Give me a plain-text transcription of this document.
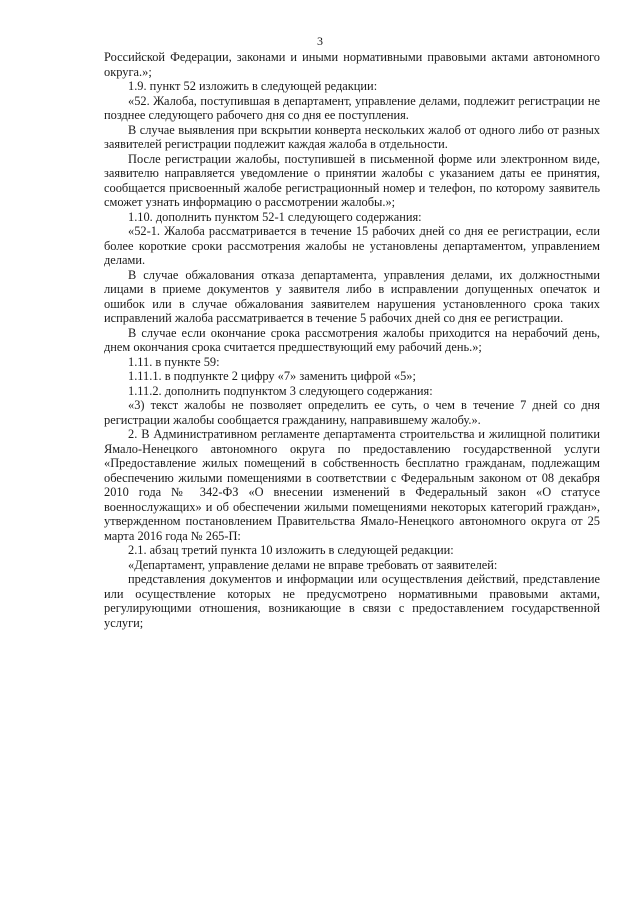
3

Российской Федерации, законами и иными нормативными правовыми актами автономного округа.»;

1.9. пункт 52 изложить в следующей редакции:

«52. Жалоба, поступившая в департамент, управление делами, подлежит регистрации не позднее следующего рабочего дня со дня ее поступления.

В случае выявления при вскрытии конверта нескольких жалоб от одного либо от разных заявителей регистрации подлежит каждая жалоба в отдельности.

После регистрации жалобы, поступившей в письменной форме или электронном виде, заявителю направляется уведомление о принятии жалобы с указанием даты ее принятия, сообщается присвоенный жалобе регистрационный номер и телефон, по которому заявитель сможет узнать информацию о рассмотрении жалобы.»;

1.10. дополнить пунктом 52-1 следующего содержания:

«52-1. Жалоба рассматривается в течение 15 рабочих дней со дня ее регистрации, если более короткие сроки рассмотрения жалобы не установлены департаментом, управлением делами.

В случае обжалования отказа департамента, управления делами, их должностными лицами в приеме документов у заявителя либо в исправлении допущенных опечаток и ошибок или в случае обжалования заявителем нарушения установленного срока таких исправлений жалоба рассматривается в течение 5 рабочих дней со дня ее регистрации.

В случае если окончание срока рассмотрения жалобы приходится на нерабочий день, днем окончания срока считается предшествующий ему рабочий день.»;

1.11. в пункте 59:

1.11.1. в подпункте 2 цифру «7» заменить цифрой «5»;

1.11.2. дополнить подпунктом 3 следующего содержания:

«3) текст жалобы не позволяет определить ее суть, о чем в течение 7 дней со дня регистрации жалобы сообщается гражданину, направившему жалобу.».

2. В Административном регламенте департамента строительства и жилищной политики Ямало-Ненецкого автономного округа по предоставлению государственной услуги «Предоставление жилых помещений в собственность бесплатно гражданам, подлежащим обеспечению жилыми помещениями в соответствии с Федеральным законом от 08 декабря 2010 года № 342-ФЗ «О внесении изменений в Федеральный закон «О статусе военнослужащих» и об обеспечении жилыми помещениями некоторых категорий граждан», утвержденном постановлением Правительства Ямало-Ненецкого автономного округа от 25 марта 2016 года № 265-П:

2.1. абзац третий пункта 10 изложить в следующей редакции:

«Департамент, управление делами не вправе требовать от заявителей:

представления документов и информации или осуществления действий, представление или осуществление которых не предусмотрено нормативными правовыми актами, регулирующими отношения, возникающие в связи с предоставлением государственной услуги;
